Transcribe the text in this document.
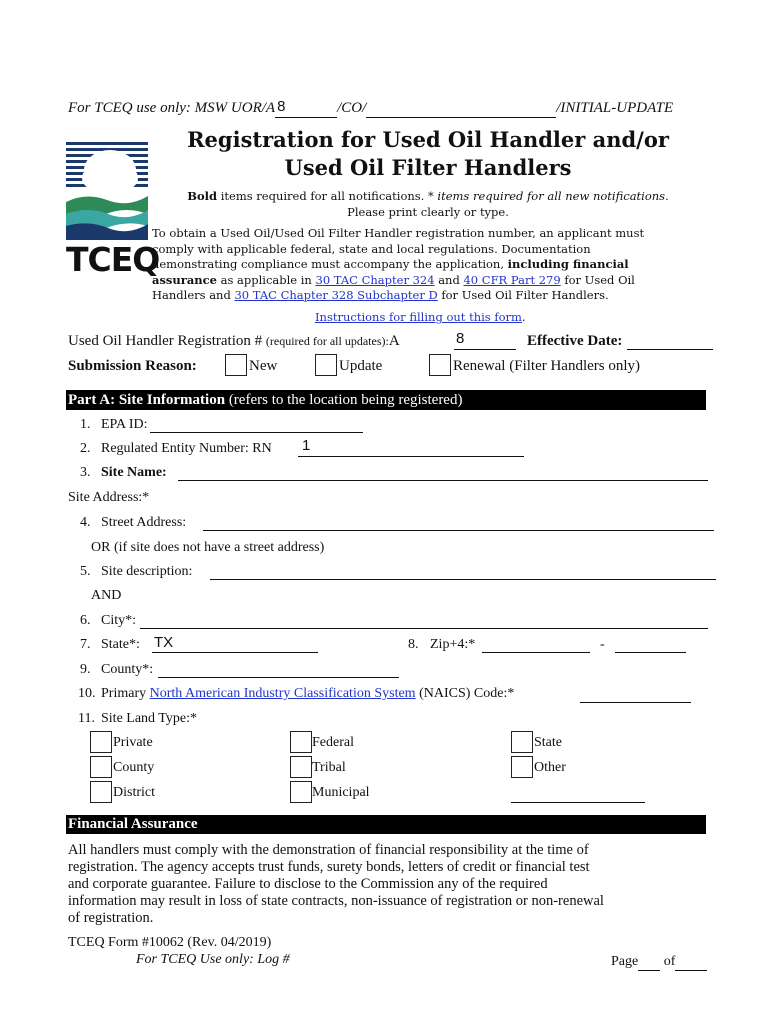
For TCEQ use only: MSW UOR/A 8	/CO/	/INITIAL-UPDATE
TCEQ
Registration for Used Oil Handler and/or
Used Oil Filter Handlers
Bold items required for all notifications. * items required for all new notifications.
Please print clearly or type.
To obtain a Used Oil/Used Oil Filter Handler registration number, an applicant must
comply with applicable federal, state and local regulations. Documentation
demonstrating compliance must accompany the application, including financial
assurance as applicable in 30 TAC Chapter 324 and 40 CFR Part 279 for Used Oil
Handlers and 30 TAC Chapter 328 Subchapter D for Used Oil Filter Handlers.
Instructions for filling out this form.
Used Oil Handler Registration # (required for all updates):A	8	Effective Date:
Submission Reason:	New	Update	Renewal (Filter Handlers only)
Part A: Site Information (refers to the location being registered)
1. EPA ID:
2. Regulated Entity Number: RN 1
3. Site Name:
Site Address:*
4. Street Address:
OR (if site does not have a street address)
5. Site description:
AND
6. City*:
7. State*: TX	8. Zip+4:*	-
9. County*:
10. Primary North American Industry Classification System (NAICS) Code:*
11. Site Land Type:*
Private	Federal	State
County	Tribal	Other
District	Municipal
Financial Assurance
All handlers must comply with the demonstration of financial responsibility at the time of
registration. The agency accepts trust funds, surety bonds, letters of credit or financial test
and corporate guarantee. Failure to disclose to the Commission any of the required
information may result in loss of state contracts, non-issuance of registration or non-renewal
of registration.
TCEQ Form #10062 (Rev. 04/2019)
For TCEQ Use only: Log #	Page of
